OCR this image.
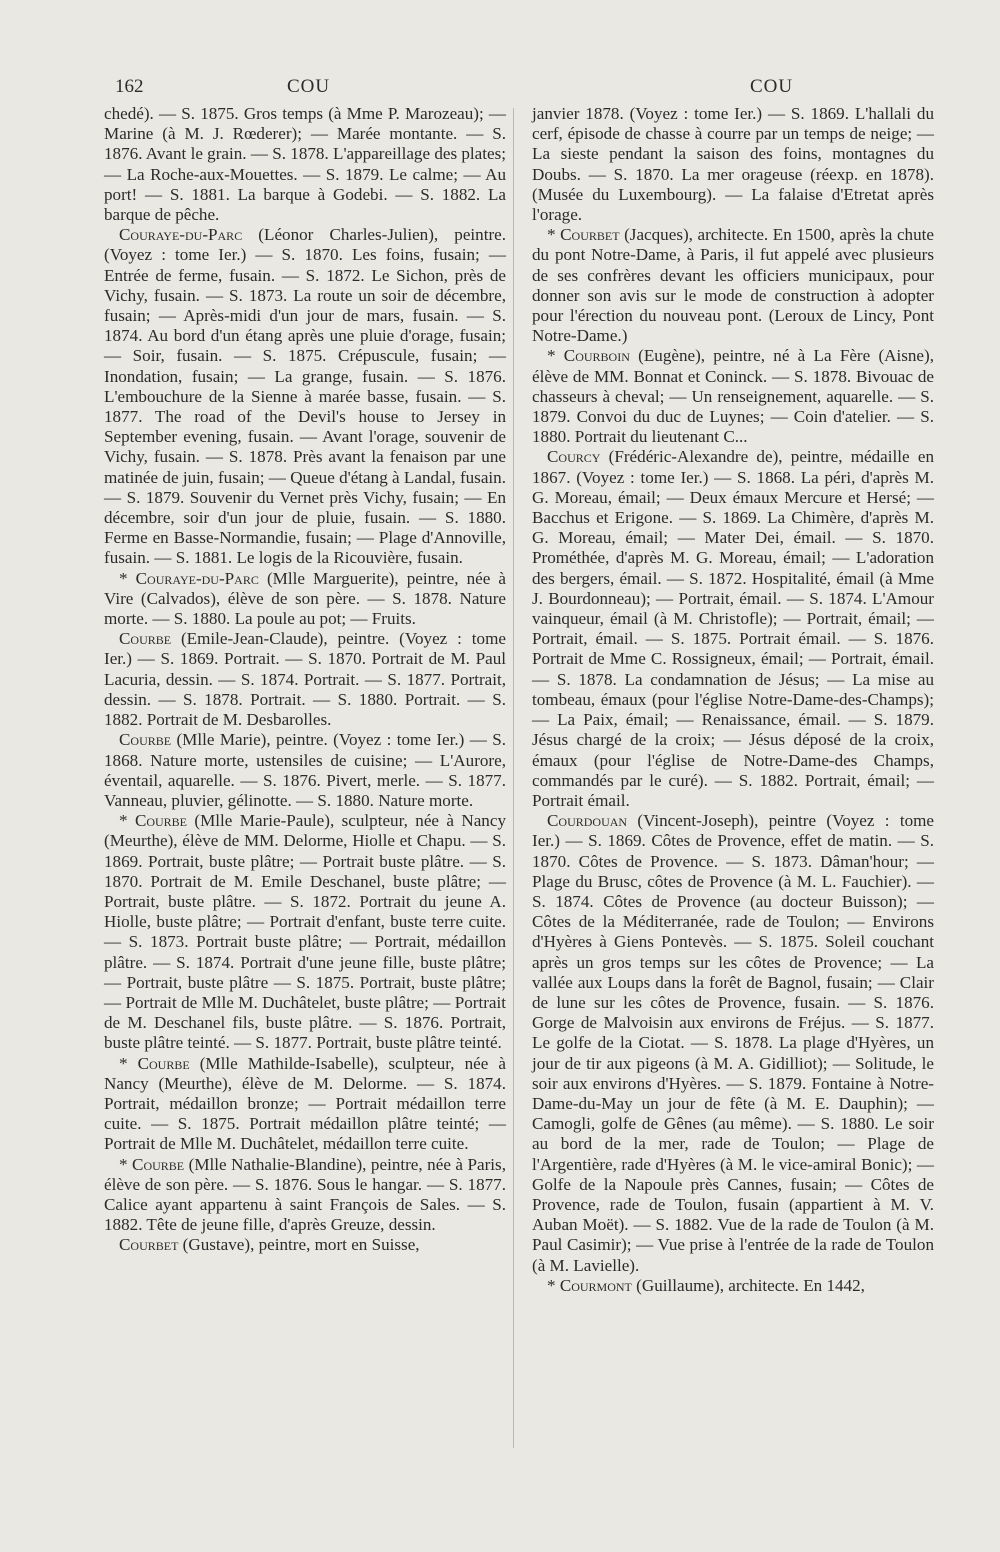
162	COU	COU

chedé). — S. 1875. Gros temps (à Mme P. Marozeau); — Marine (à M. J. Rœderer); — Marée montante. — S. 1876. Avant le grain. — S. 1878. L'appareillage des plates; — La Roche-aux-Mouettes. — S. 1879. Le calme; — Au port! — S. 1881. La barque à Godebi. — S. 1882. La barque de pêche.

Couraye-du-Parc (Léonor Charles-Julien), peintre. (Voyez : tome Ier.) — S. 1870. Les foins, fusain; — Entrée de ferme, fusain. — S. 1872. Le Sichon, près de Vichy, fusain. — S. 1873. La route un soir de décembre, fusain; — Après-midi d'un jour de mars, fusain. — S. 1874. Au bord d'un étang après une pluie d'orage, fusain; — Soir, fusain. — S. 1875. Crépuscule, fusain; — Inondation, fusain; — La grange, fusain. — S. 1876. L'embouchure de la Sienne à marée basse, fusain. — S. 1877. The road of the Devil's house to Jersey in September evening, fusain. — Avant l'orage, souvenir de Vichy, fusain. — S. 1878. Près avant la fenaison par une matinée de juin, fusain; — Queue d'étang à Landal, fusain. — S. 1879. Souvenir du Vernet près Vichy, fusain; — En décembre, soir d'un jour de pluie, fusain. — S. 1880. Ferme en Basse-Normandie, fusain; — Plage d'Annoville, fusain. — S. 1881. Le logis de la Ricouvière, fusain.

* Couraye-du-Parc (Mlle Marguerite), peintre, née à Vire (Calvados), élève de son père. — S. 1878. Nature morte. — S. 1880. La poule au pot; — Fruits.

Courbe (Emile-Jean-Claude), peintre. (Voyez : tome Ier.) — S. 1869. Portrait. — S. 1870. Portrait de M. Paul Lacuria, dessin. — S. 1874. Portrait. — S. 1877. Portrait, dessin. — S. 1878. Portrait. — S. 1880. Portrait. — S. 1882. Portrait de M. Desbarolles.

Courbe (Mlle Marie), peintre. (Voyez : tome Ier.) — S. 1868. Nature morte, ustensiles de cuisine; — L'Aurore, éventail, aquarelle. — S. 1876. Pivert, merle. — S. 1877. Vanneau, pluvier, gélinotte. — S. 1880. Nature morte.

* Courbe (Mlle Marie-Paule), sculpteur, née à Nancy (Meurthe), élève de MM. Delorme, Hiolle et Chapu. — S. 1869. Portrait, buste plâtre; — Portrait buste plâtre. — S. 1870. Portrait de M. Emile Deschanel, buste plâtre; — Portrait, buste plâtre. — S. 1872. Portrait du jeune A. Hiolle, buste plâtre; — Portrait d'enfant, buste terre cuite. — S. 1873. Portrait buste plâtre; — Portrait, médaillon plâtre. — S. 1874. Portrait d'une jeune fille, buste plâtre; — Portrait, buste plâtre — S. 1875. Portrait, buste plâtre; — Portrait de Mlle M. Duchâtelet, buste plâtre; — Portrait de M. Deschanel fils, buste plâtre. — S. 1876. Portrait, buste plâtre teinté. — S. 1877. Portrait, buste plâtre teinté.

* Courbe (Mlle Mathilde-Isabelle), sculpteur, née à Nancy (Meurthe), élève de M. Delorme. — S. 1874. Portrait, médaillon bronze; — Portrait médaillon terre cuite. — S. 1875. Portrait médaillon plâtre teinté; — Portrait de Mlle M. Duchâtelet, médaillon terre cuite.

* Courbe (Mlle Nathalie-Blandine), peintre, née à Paris, élève de son père. — S. 1876. Sous le hangar. — S. 1877. Calice ayant appartenu à saint François de Sales. — S. 1882. Tête de jeune fille, d'après Greuze, dessin.

Courbet (Gustave), peintre, mort en Suisse,

janvier 1878. (Voyez : tome Ier.) — S. 1869. L'hallali du cerf, épisode de chasse à courre par un temps de neige; — La sieste pendant la saison des foins, montagnes du Doubs. — S. 1870. La mer orageuse (réexp. en 1878). (Musée du Luxembourg). — La falaise d'Etretat après l'orage.

* Courbet (Jacques), architecte. En 1500, après la chute du pont Notre-Dame, à Paris, il fut appelé avec plusieurs de ses confrères devant les officiers municipaux, pour donner son avis sur le mode de construction à adopter pour l'érection du nouveau pont. (Leroux de Lincy, Pont Notre-Dame.)

* Courboin (Eugène), peintre, né à La Fère (Aisne), élève de MM. Bonnat et Coninck. — S. 1878. Bivouac de chasseurs à cheval; — Un renseignement, aquarelle. — S. 1879. Convoi du duc de Luynes; — Coin d'atelier. — S. 1880. Portrait du lieutenant C...

Courcy (Frédéric-Alexandre de), peintre, médaille en 1867. (Voyez : tome Ier.) — S. 1868. La péri, d'après M. G. Moreau, émail; — Deux émaux Mercure et Hersé; — Bacchus et Erigone. — S. 1869. La Chimère, d'après M. G. Moreau, émail; — Mater Dei, émail. — S. 1870. Prométhée, d'après M. G. Moreau, émail; — L'adoration des bergers, émail. — S. 1872. Hospitalité, émail (à Mme J. Bourdonneau); — Portrait, émail. — S. 1874. L'Amour vainqueur, émail (à M. Christofle); — Portrait, émail; — Portrait, émail. — S. 1875. Portrait émail. — S. 1876. Portrait de Mme C. Rossigneux, émail; — Portrait, émail. — S. 1878. La condamnation de Jésus; — La mise au tombeau, émaux (pour l'église Notre-Dame-des-Champs); — La Paix, émail; — Renaissance, émail. — S. 1879. Jésus chargé de la croix; — Jésus déposé de la croix, émaux (pour l'église de Notre-Dame-des Champs, commandés par le curé). — S. 1882. Portrait, émail; — Portrait émail.

Courdouan (Vincent-Joseph), peintre (Voyez : tome Ier.) — S. 1869. Côtes de Provence, effet de matin. — S. 1870. Côtes de Provence. — S. 1873. Dâman'hour; — Plage du Brusc, côtes de Provence (à M. L. Fauchier). — S. 1874. Côtes de Provence (au docteur Buisson); — Côtes de la Méditerranée, rade de Toulon; — Environs d'Hyères à Giens Pontevès. — S. 1875. Soleil couchant après un gros temps sur les côtes de Provence; — La vallée aux Loups dans la forêt de Bagnol, fusain; — Clair de lune sur les côtes de Provence, fusain. — S. 1876. Gorge de Malvoisin aux environs de Fréjus. — S. 1877. Le golfe de la Ciotat. — S. 1878. La plage d'Hyères, un jour de tir aux pigeons (à M. A. Gidilliot); — Solitude, le soir aux environs d'Hyères. — S. 1879. Fontaine à Notre-Dame-du-May un jour de fête (à M. E. Dauphin); — Camogli, golfe de Gênes (au même). — S. 1880. Le soir au bord de la mer, rade de Toulon; — Plage de l'Argentière, rade d'Hyères (à M. le vice-amiral Bonic); — Golfe de la Napoule près Cannes, fusain; — Côtes de Provence, rade de Toulon, fusain (appartient à M. V. Auban Moët). — S. 1882. Vue de la rade de Toulon (à M. Paul Casimir); — Vue prise à l'entrée de la rade de Toulon (à M. Lavielle).

* Courmont (Guillaume), architecte. En 1442,
